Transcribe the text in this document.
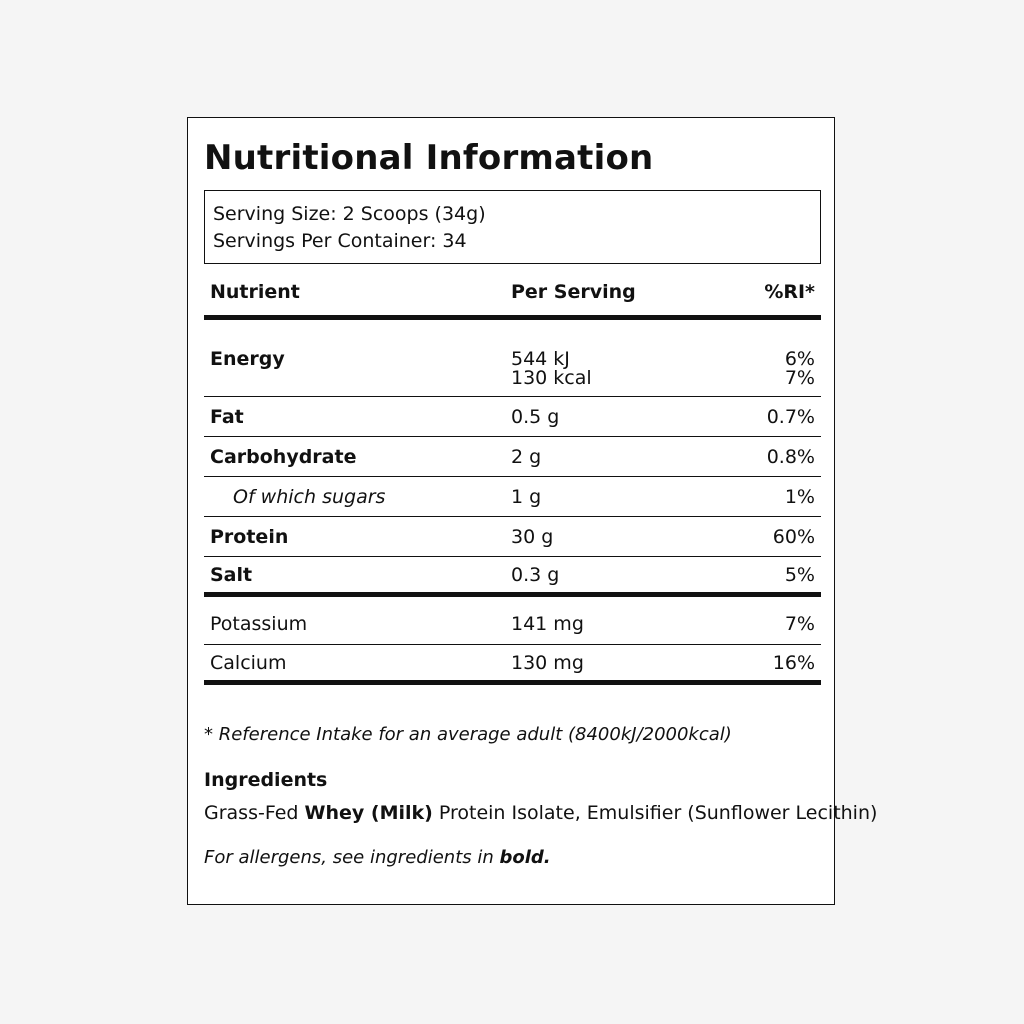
Nutritional Information
Serving Size: 2 Scoops (34g)
Servings Per Container: 34
Nutrient	Per Serving	%RI*
Energy	544 kJ	6%
130 kcal	7%
Fat	0.5 g	0.7%
Carbohydrate	2 g	0.8%
Of which sugars	1 g	1%
Protein	30 g	60%
Salt	0.3 g	5%
Potassium	141 mg	7%
Calcium	130 mg	16%
* Reference Intake for an average adult (8400kJ/2000kcal)
Ingredients
Grass-Fed Whey (Milk) Protein Isolate, Emulsifier (Sunflower Lecithin)
For allergens, see ingredients in bold.
